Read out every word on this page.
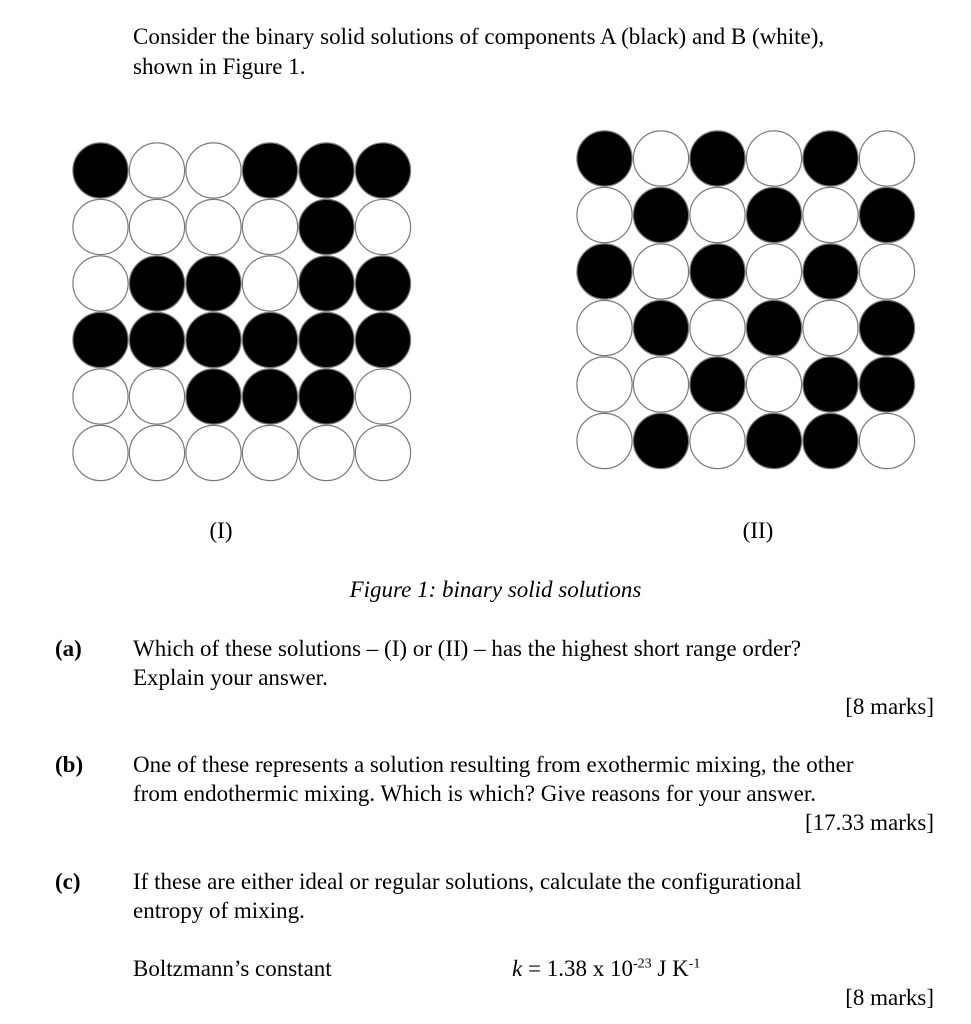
Consider the binary solid solutions of components A (black) and B (white),
shown in Figure 1.
(I)	(II)
Figure 1: binary solid solutions
(a) Which of these solutions – (I) or (II) – has the highest short range order?
Explain your answer.
[8 marks]
(b) One of these represents a solution resulting from exothermic mixing, the other
from endothermic mixing. Which is which? Give reasons for your answer.
[17.33 marks]
(c) If these are either ideal or regular solutions, calculate the configurational
entropy of mixing.
Boltzmann’s constant	k = 1.38 x $10^{-23}$ J $K^{-1}$
[8 marks]
